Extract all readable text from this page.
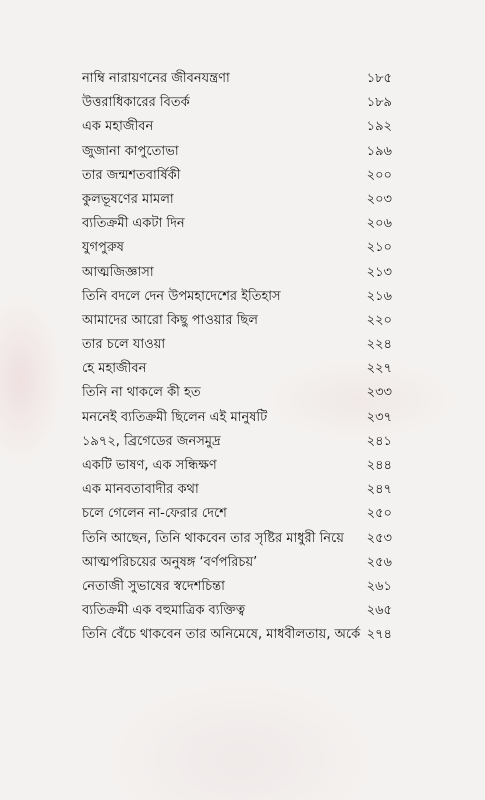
নাম্বি নারায়ণনের জীবনযন্ত্রণা	১৮৫
উত্তরাধিকারের বিতর্ক	১৮৯
এক মহাজীবন	১৯২
জুজানা কাপুতোভা	১৯৬
তার জন্মশতবার্ষিকী	২০০
কুলভূষণের মামলা	২০৩
ব্যতিক্রমী একটা দিন	২০৬
যুগপুরুষ	২১০
আত্মজিজ্ঞাসা	২১৩
তিনি বদলে দেন উপমহাদেশের ইতিহাস	২১৬
আমাদের আরো কিছু পাওয়ার ছিল	২২০
তার চলে যাওয়া	২২৪
হে মহাজীবন	২২৭
তিনি না থাকলে কী হত	২৩৩
মননেই ব্যতিক্রমী ছিলেন এই মানুষটি	২৩৭
১৯৭২, ব্রিগেডের জনসমুদ্র	২৪১
একটি ভাষণ, এক সন্ধিক্ষণ	২৪৪
এক মানবতাবাদীর কথা	২৪৭
চলে গেলেন না-ফেরার দেশে	২৫০
তিনি আছেন, তিনি থাকবেন তার সৃষ্টির মাধুরী নিয়ে	২৫৩
আত্মপরিচয়ের অনুষঙ্গ ‘বর্ণপরিচয়’	২৫৬
নেতাজী সুভাষের স্বদেশচিন্তা	২৬১
ব্যতিক্রমী এক বহুমাত্রিক ব্যক্তিত্ব	২৬৫
তিনি বেঁচে থাকবেন তার অনিমেষে, মাধবীলতায়, অর্কে ২৭৪
